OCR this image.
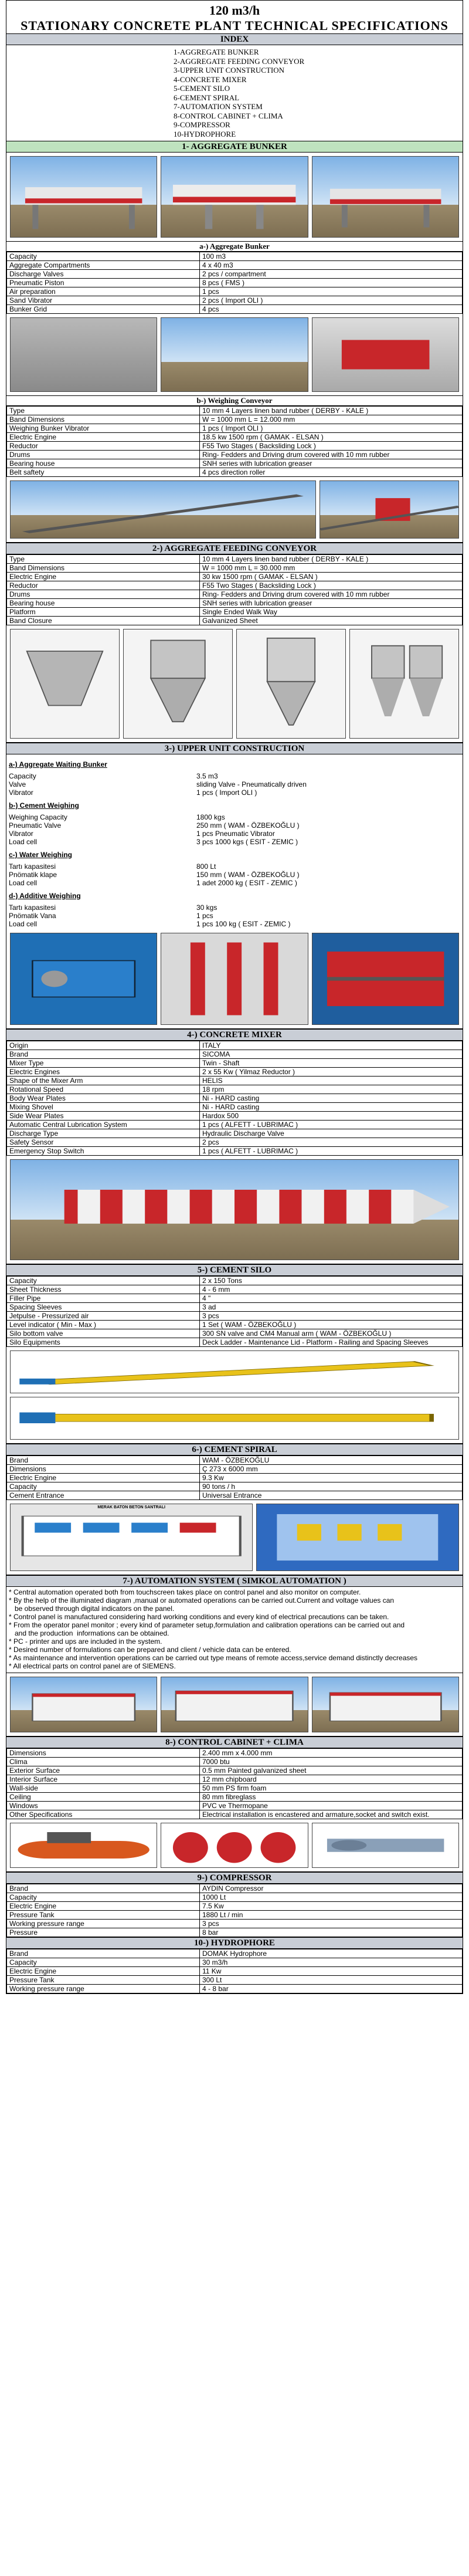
120 m3/h
STATIONARY CONCRETE PLANT TECHNICAL SPECIFICATIONS
INDEX
1-AGGREGATE BUNKER
2-AGGREGATE FEEDING CONVEYOR
3-UPPER UNIT CONSTRUCTION
4-CONCRETE MIXER
5-CEMENT SILO
6-CEMENT SPIRAL
7-AUTOMATION SYSTEM
8-CONTROL CABINET + CLIMA
9-COMPRESSOR
10-HYDROPHORE
1- AGGREGATE BUNKER
a-) Aggregate Bunker
Capacity	100 m3
Aggregate Compartments	4 x 40 m3
Discharge Valves	2 pcs / compartment
Pneumatic Piston	8 pcs ( FMS )
Air preparation	1 pcs
Sand Vibrator	2 pcs ( Import OLI )
Bunker Grid	4 pcs
b-) Weighing Conveyor
Type	10 mm 4 Layers linen band rubber ( DERBY - KALE )
Band Dimensions	W = 1000 mm L = 12.000 mm
Weighing Bunker Vibrator	1 pcs ( Import OLI )
Electric Engine	18.5 kw 1500 rpm ( GAMAK - ELSAN )
Reductor	F55 Two Stages ( Backsliding Lock )
Drums	Ring- Fedders and Driving drum covered with 10 mm rubber
Bearing house	SNH series with lubrication greaser
Belt saftety	4 pcs direction roller
2-) AGGREGATE FEEDING CONVEYOR
Type	10 mm 4 Layers linen band rubber ( DERBY - KALE )
Band Dimensions	W = 1000 mm L = 30.000 mm
Electric Engine	30 kw 1500 rpm ( GAMAK - ELSAN )
Reductor	F55 Two Stages ( Backsliding Lock )
Drums	Ring- Fedders and Driving drum covered with 10 mm rubber
Bearing house	SNH series with lubrication greaser
Platform	Single Ended Walk Way
Band Closure	Galvanized Sheet
3-) UPPER UNIT CONSTRUCTION
a-) Aggregate Waiting Bunker
Capacity	3.5 m3
Valve	sliding Valve - Pneumatically driven
Vibrator	1 pcs ( Import OLI )
b-) Cement Weighing
Weighing Capacity	1800 kgs
Pneumatic Valve	250 mm ( WAM - ÖZBEKOĞLU )
Vibrator	1 pcs Pneumatic Vibrator
Load cell	3 pcs 1000 kgs ( ESIT - ZEMIC )
c-) Water Weighing
Tartı kapasitesi	800 Lt
Pnömatik klape	150 mm ( WAM - ÖZBEKOĞLU )
Load cell	1 adet 2000 kg ( ESIT - ZEMIC )
d-) Additive Weighing
Tartı kapasitesi	30 kgs
Pnömatik Vana	1 pcs
Load cell	1 pcs 100 kg ( ESIT - ZEMIC )
4-) CONCRETE MIXER
Origin	ITALY
Brand	SICOMA
Mixer Type	Twin - Shaft
Electric Engines	2 x 55 Kw ( Yilmaz Reductor )
Shape of the Mixer Arm	HELIS
Rotational Speed	18 rpm
Body Wear Plates	Ni - HARD casting
Mixing Shovel	Ni - HARD casting
Side Wear Plates	Hardox 500
Automatic Central Lubrication System	1 pcs ( ALFETT - LUBRIMAC )
Discharge Type	Hydraulic Discharge Valve
Safety Sensor	2 pcs
Emergency Stop Switch	1 pcs ( ALFETT - LUBRIMAC )
5-) CEMENT SILO
Capacity	2 x 150 Tons
Sheet Thickness	4 - 6 mm
Filler Pipe	4 "
Spacing Sleeves	3 ad
Jetpulse - Pressurized air	3 pcs
Level indicator ( Min - Max )	1 Set ( WAM - ÖZBEKOĞLU )
Silo bottom valve	300 SN valve and CM4 Manual arm ( WAM - ÖZBEKOĞLU )
Silo Equipments	Deck Ladder - Maintenance Lid - Platform - Railing and Spacing Sleeves
6-) CEMENT SPIRAL
Brand	WAM - ÖZBEKOĞLU
Dimensions	Ç 273 x 6000 mm
Electric Engine	9.3 Kw
Capacity	90 tons / h
Cement Entrance	Universal Entrance
MERAK BATON BETON SANTRALI
7-) AUTOMATION SYSTEM ( SIMKOL AUTOMATION )
* Central automation operated both from touchscreen takes place on control panel and also monitor on computer.
* By the help of the illuminated diagram ,manual or automated operations can be carried out.Current and voltage values can
be observed through digital indicators on the panel.
* Control panel is manufactured considering hard working conditions and every kind of electrical precautions can be taken.
* From the operator panel monitor ; every kind of parameter setup,formulation and calibration operations can be carried out and
and the production  informations can be obtained.
* PC - printer and ups are included in the system.
* Desired number of formulations can be prepared and client / vehicle data can be entered.
* As maintenance and intervention operations can be carried out type means of remote access,service demand distinctly decreases
* All electrical parts on control panel are of SIEMENS.
8-) CONTROL CABINET + CLIMA
Dimensions	2.400 mm x 4.000 mm
Clima	7000 btu
Exterior Surface	0.5 mm Painted galvanized sheet
Interior Surface	12 mm chipboard
Wall-side	50 mm PS firm foam
Ceiling	80 mm fibreglass
Windows	PVC ve Thermopane
Other Specifications	Electrical installation is encastered and armature,socket and switch exist.
9-) COMPRESSOR
Brand	AYDIN Compressor
Capacity	1000 Lt
Electric Engine	7.5 Kw
Pressure Tank	1880 Lt / min
Working pressure range	3 pcs
Pressure	8 bar
10-) HYDROPHORE
Brand	DOMAK Hydrophore
Capacity	30 m3/h
Electric Engine	11 Kw
Pressure Tank	300 Lt
Working pressure range	4 - 8 bar
